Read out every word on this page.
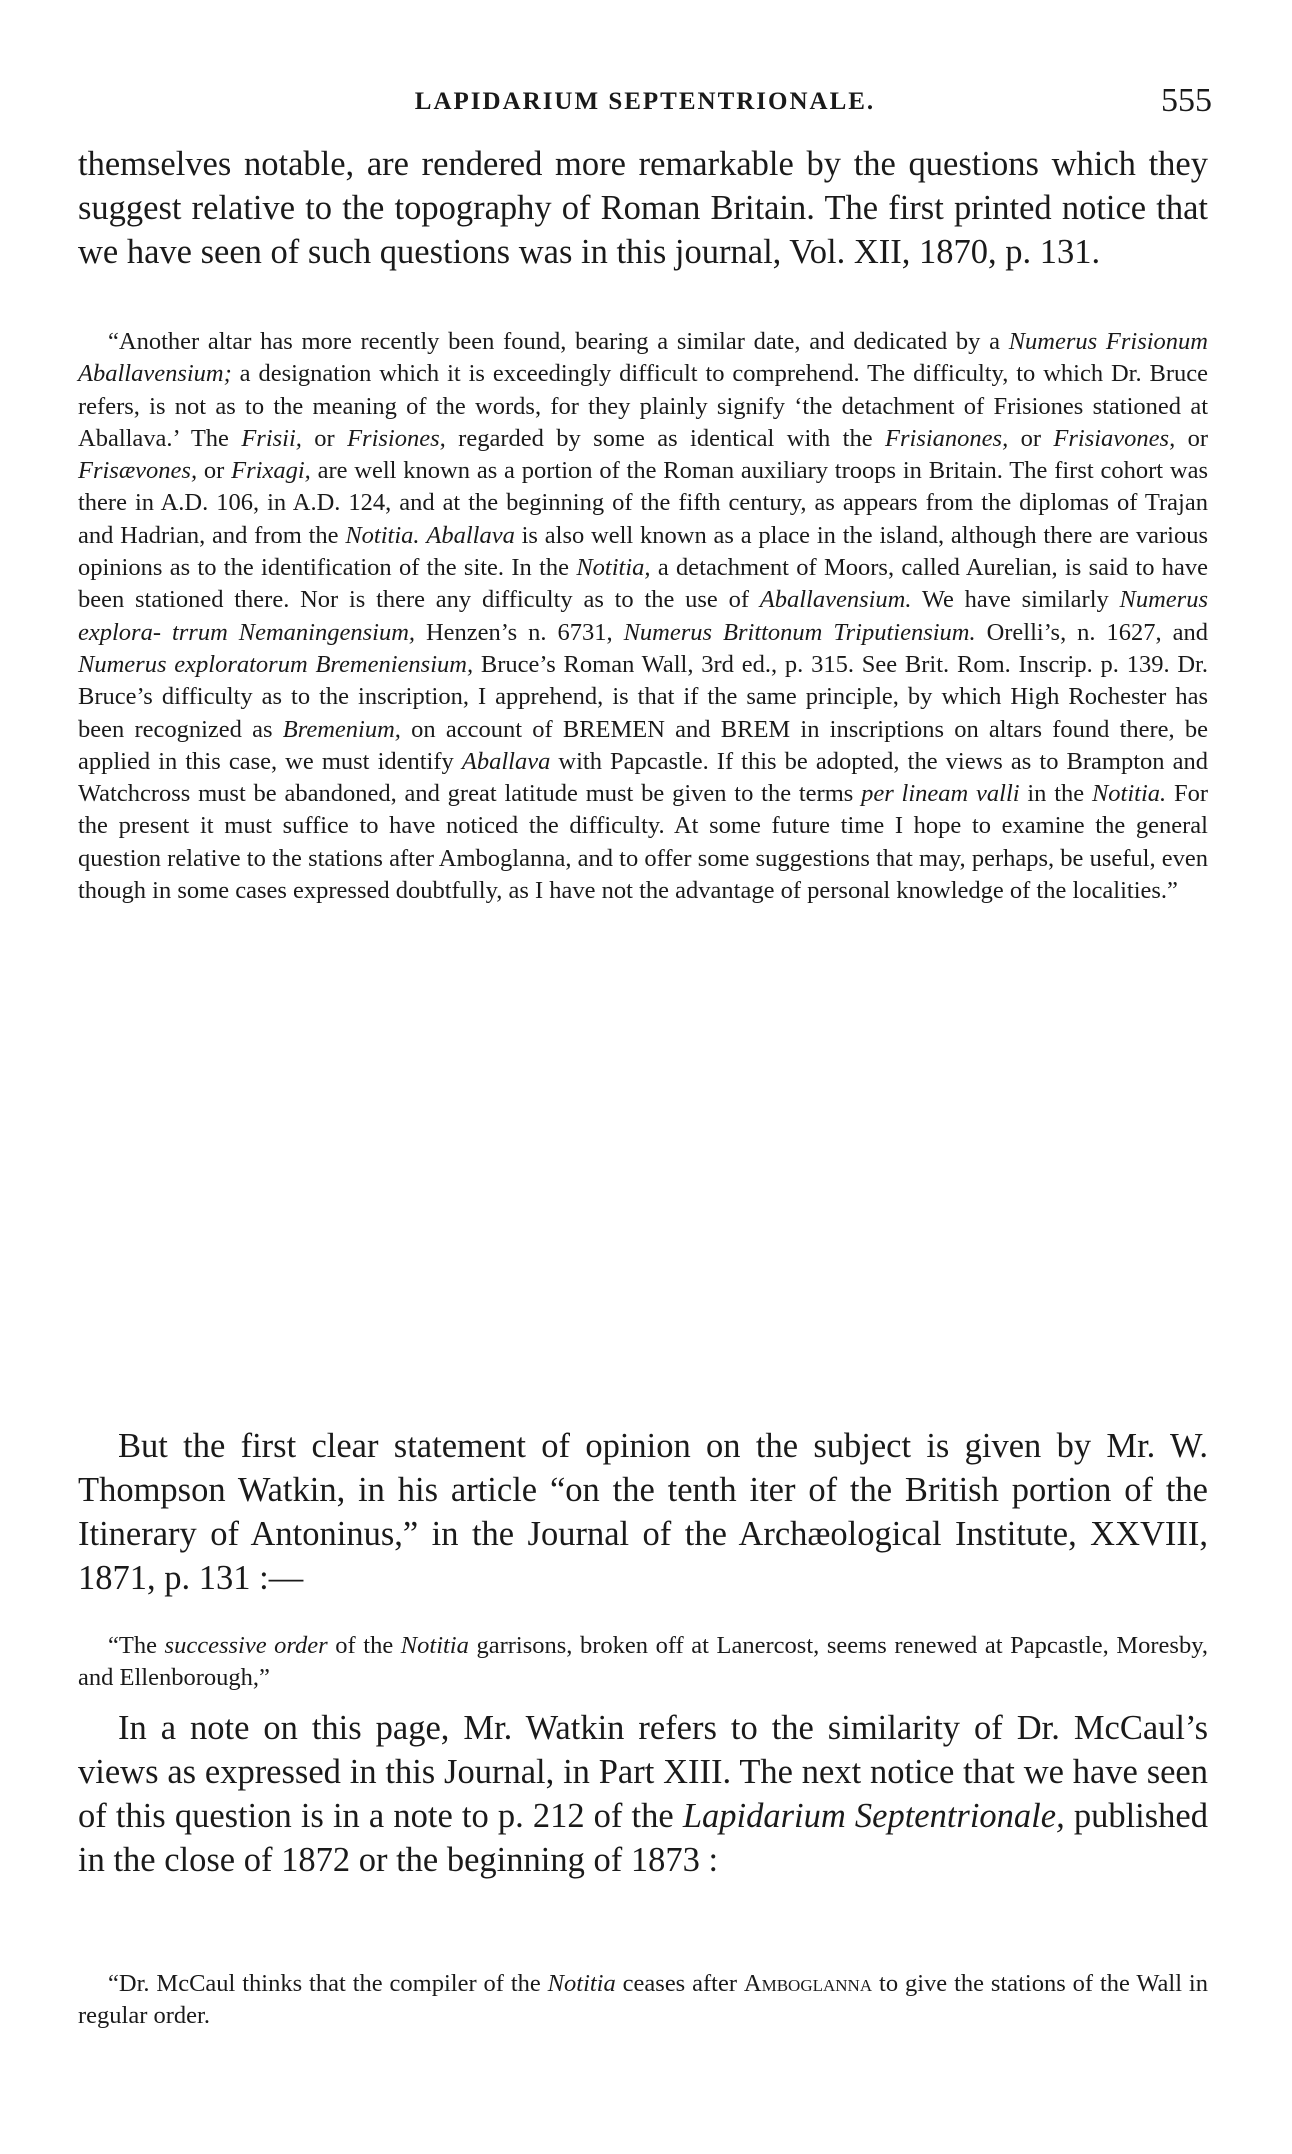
LAPIDARIUM SEPTENTRIONALE.	555

themselves notable, are rendered more remarkable by the questions which they suggest relative to the topography of Roman Britain. The first printed notice that we have seen of such questions was in this journal, Vol. XII, 1870, p. 131.

“Another altar has more recently been found, bearing a similar date, and dedicated by a Numerus Frisionum Aballavensium; a designation which it is exceedingly difficult to comprehend. The difficulty, to which Dr. Bruce refers, is not as to the meaning of the words, for they plainly signify ‘the detachment of Frisiones stationed at Aballava.’ The Frisii, or Frisiones, regarded by some as identical with the Frisianones, or Frisiavones, or Frisævones, or Frixagi, are well known as a portion of the Roman auxiliary troops in Britain. The first cohort was there in A.D. 106, in A.D. 124, and at the beginning of the fifth century, as appears from the diplomas of Trajan and Hadrian, and from the Notitia. Aballava is also well known as a place in the island, although there are various opinions as to the identification of the site. In the Notitia, a detachment of Moors, called Aurelian, is said to have been stationed there. Nor is there any difficulty as to the use of Aballavensium. We have similarly Numerus explora- trrum Nemaningensium, Henzen’s n. 6731, Numerus Brittonum Triputiensium. Orelli’s, n. 1627, and Numerus exploratorum Bremeniensium, Bruce’s Roman Wall, 3rd ed., p. 315. See Brit. Rom. Inscrip. p. 139. Dr. Bruce’s difficulty as to the inscription, I apprehend, is that if the same principle, by which High Rochester has been recognized as Bremenium, on account of BREMEN and BREM in inscriptions on altars found there, be applied in this case, we must identify Aballava with Papcastle. If this be adopted, the views as to Brampton and Watchcross must be abandoned, and great latitude must be given to the terms per lineam valli in the Notitia. For the present it must suffice to have noticed the difficulty. At some future time I hope to examine the general question relative to the stations after Amboglanna, and to offer some suggestions that may, perhaps, be useful, even though in some cases expressed doubtfully, as I have not the advantage of personal knowledge of the localities.”

But the first clear statement of opinion on the subject is given by Mr. W. Thompson Watkin, in his article “on the tenth iter of the British portion of the Itinerary of Antoninus,” in the Journal of the Archæological Institute, XXVIII, 1871, p. 131 :—

“The successive order of the Notitia garrisons, broken off at Lanercost, seems renewed at Papcastle, Moresby, and Ellenborough,”

In a note on this page, Mr. Watkin refers to the similarity of Dr. McCaul’s views as expressed in this Journal, in Part XIII. The next notice that we have seen of this question is in a note to p. 212 of the Lapidarium Septentrionale, published in the close of 1872 or the beginning of 1873 :

“Dr. McCaul thinks that the compiler of the Notitia ceases after Amboglanna to give the stations of the Wall in regular order.
